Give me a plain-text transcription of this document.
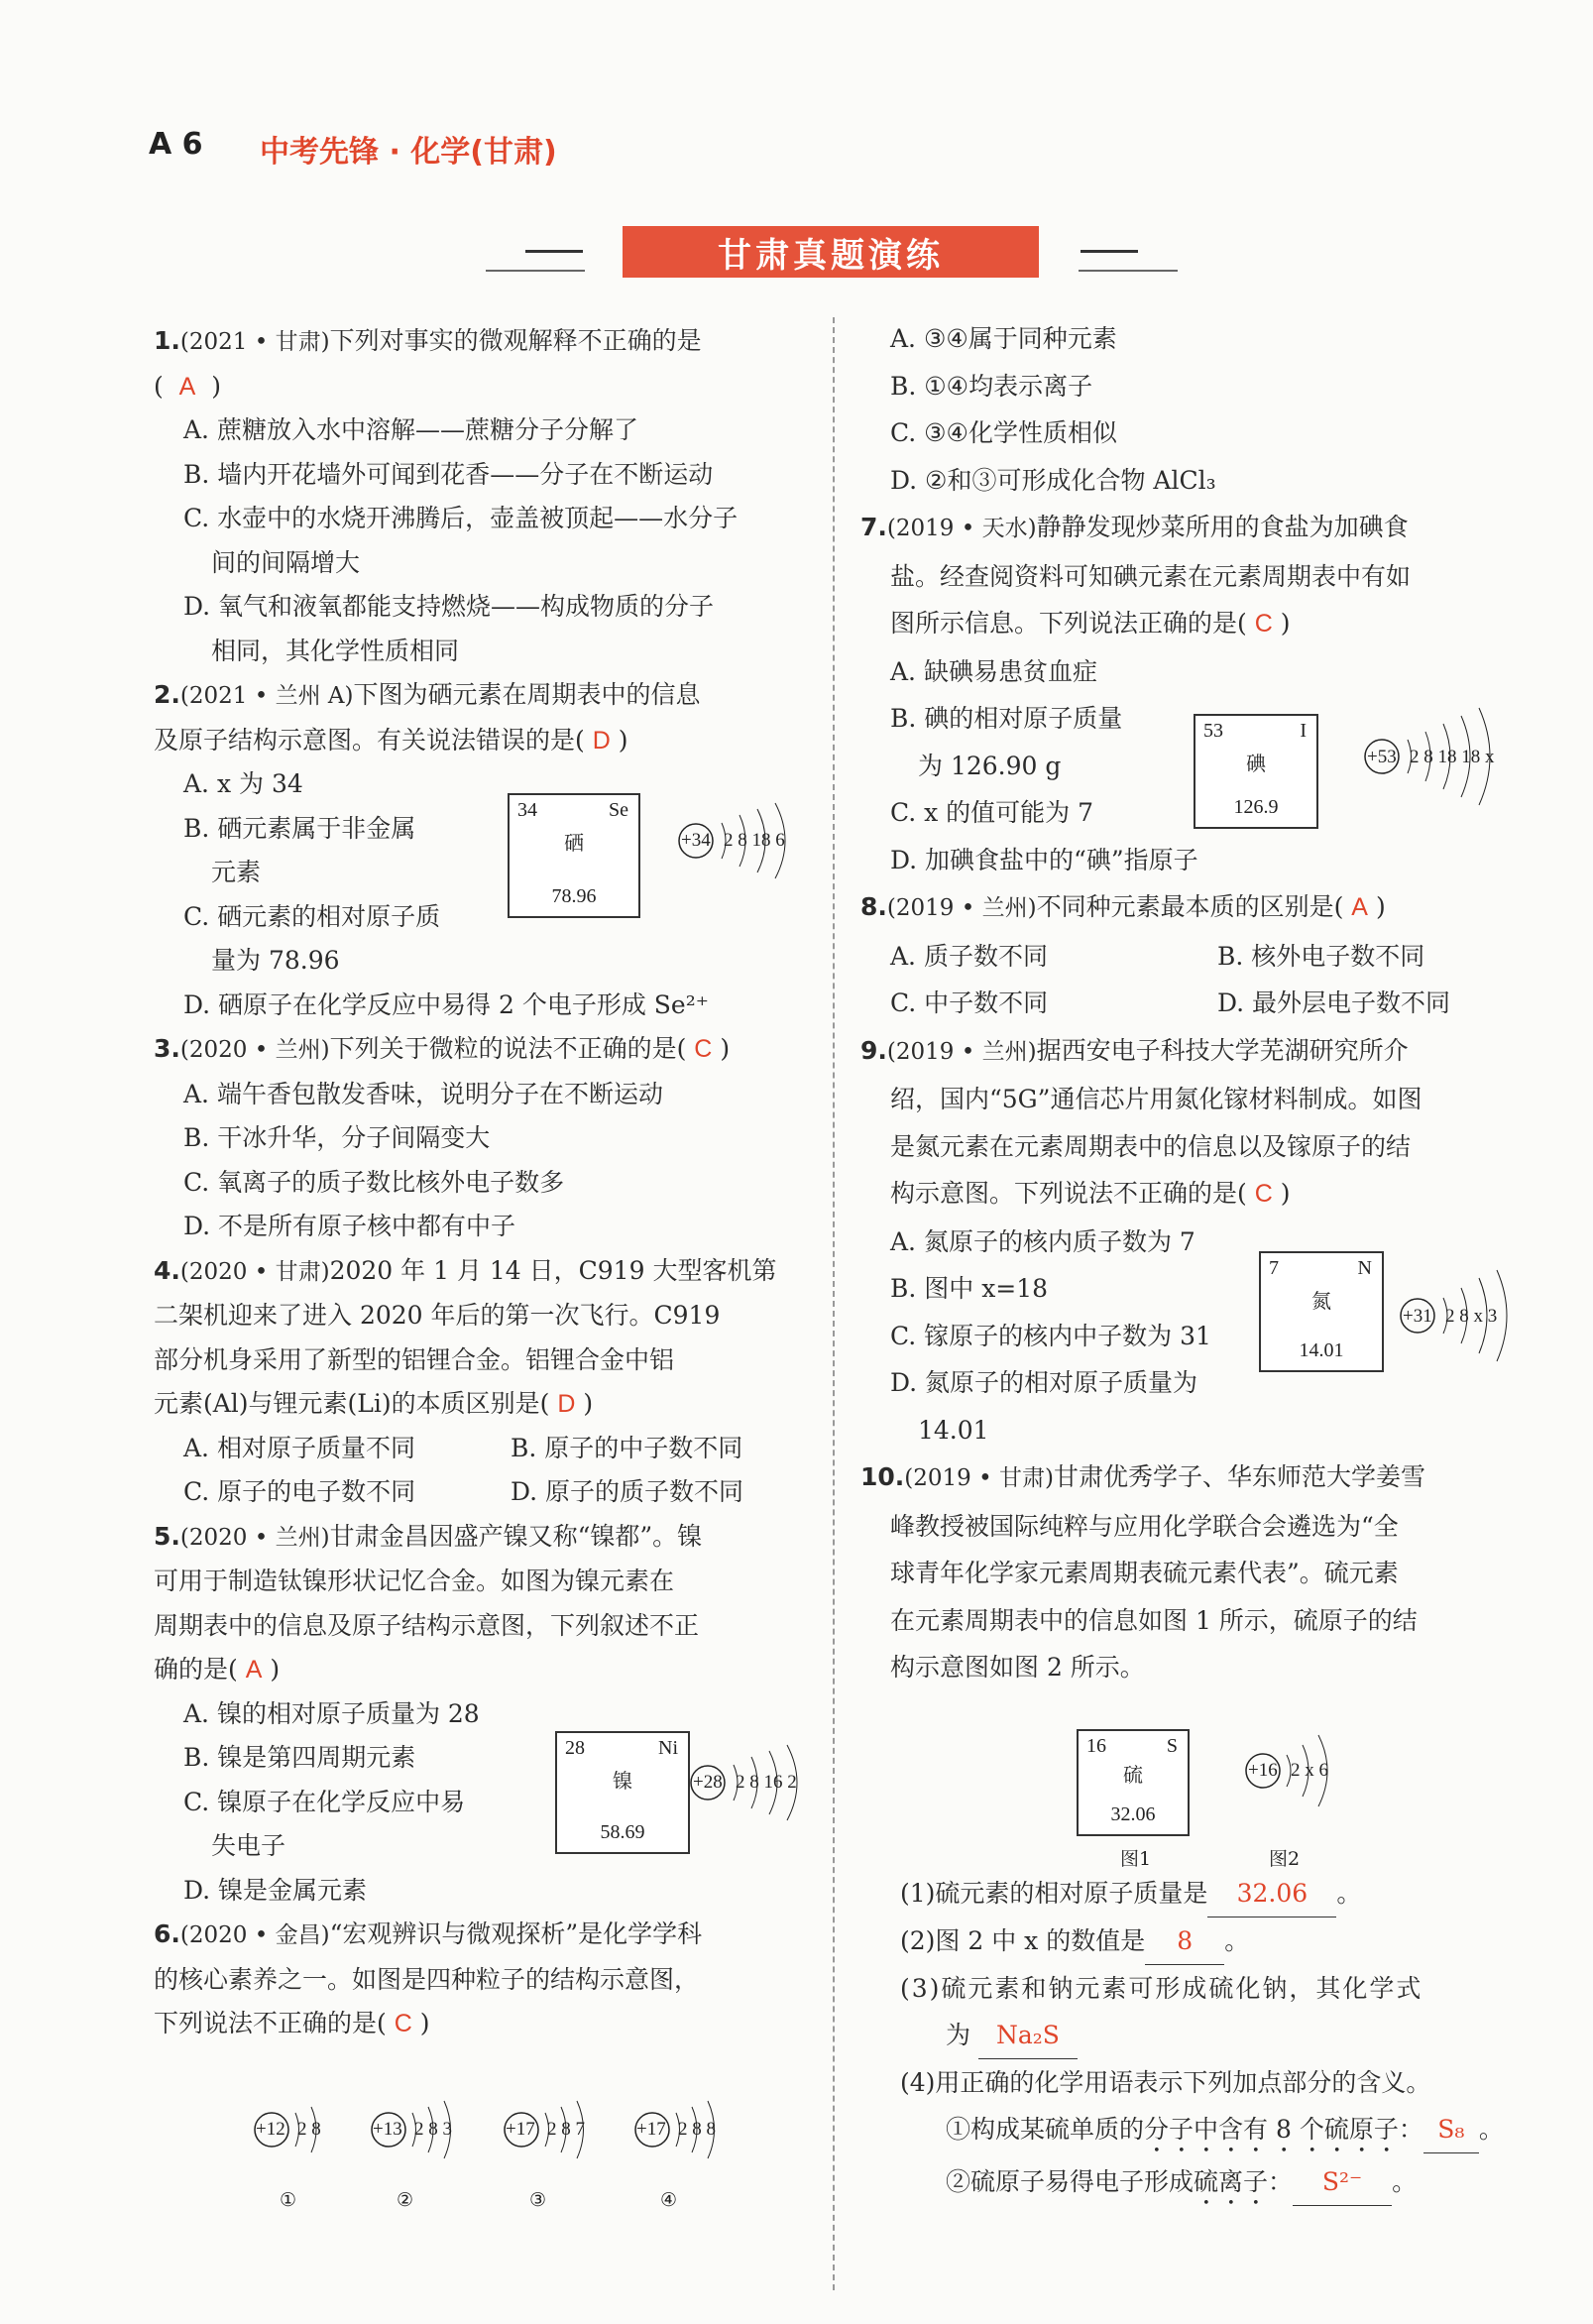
A 6 中考先锋 · 化学(甘肃)
甘肃真题演练

1.(2021 • 甘肃)下列对事实的微观解释不正确的是

( A )

A. 蔗糖放入水中溶解——蔗糖分子分解了

B. 墙内开花墙外可闻到花香——分子在不断运动

C. 水壶中的水烧开沸腾后，壶盖被顶起——水分子

间的间隔增大

D. 氧气和液氧都能支持燃烧——构成物质的分子

相同，其化学性质相同

2.(2021 • 兰州 A)下图为硒元素在周期表中的信息

及原子结构示意图。有关说法错误的是( D )

A. x 为 34

B. 硒元素属于非金属

元素

C. 硒元素的相对原子质

量为 78.96

D. 硒原子在化学反应中易得 2 个电子形成 Se²⁺

3.(2020 • 兰州)下列关于微粒的说法不正确的是( C )

A. 端午香包散发香味，说明分子在不断运动

B. 干冰升华，分子间隔变大

C. 氧离子的质子数比核外电子数多

D. 不是所有原子核中都有中子

4.(2020 • 甘肃)2020 年 1 月 14 日，C919 大型客机第

二架机迎来了进入 2020 年后的第一次飞行。C919

部分机身采用了新型的铝锂合金。铝锂合金中铝

元素(Al)与锂元素(Li)的本质区别是( D )

A. 相对原子质量不同	B. 原子的中子数不同

C. 原子的电子数不同	D. 原子的质子数不同

5.(2020 • 兰州)甘肃金昌因盛产镍又称“镍都”。镍

可用于制造钛镍形状记忆合金。如图为镍元素在

周期表中的信息及原子结构示意图，下列叙述不正

确的是( A )

A. 镍的相对原子质量为 28

B. 镍是第四周期元素

C. 镍原子在化学反应中易

失电子

D. 镍是金属元素

6.(2020 • 金昌)“宏观辨识与微观探析”是化学学科

的核心素养之一。如图是四种粒子的结构示意图，

下列说法不正确的是( C )

34	Se
硒
78.96
+34 2 8 18 6
28	Ni
镍
58.69
+28 2 8 16 2
+12 2 8
①
+13 2 8 3
②
+17 2 8 7
③
+17 2 8 8
④

A. ③④属于同种元素

B. ①④均表示离子

C. ③④化学性质相似

D. ②和③可形成化合物 AlCl₃

7.(2019 • 天水)静静发现炒菜所用的食盐为加碘食

盐。经查阅资料可知碘元素在元素周期表中有如

图所示信息。下列说法正确的是( C )

A. 缺碘易患贫血症

B. 碘的相对原子质量

为 126.90 g

C. x 的值可能为 7

D. 加碘食盐中的“碘”指原子

8.(2019 • 兰州)不同种元素最本质的区别是( A )

A. 质子数不同	B. 核外电子数不同

C. 中子数不同	D. 最外层电子数不同

9.(2019 • 兰州)据西安电子科技大学芜湖研究所介

绍，国内“5G”通信芯片用氮化镓材料制成。如图

是氮元素在元素周期表中的信息以及镓原子的结

构示意图。下列说法不正确的是( C )

A. 氮原子的核内质子数为 7

B. 图中 x=18

C. 镓原子的核内中子数为 31

D. 氮原子的相对原子质量为

14.01

10.(2019 • 甘肃)甘肃优秀学子、华东师范大学姜雪

峰教授被国际纯粹与应用化学联合会遴选为“全

球青年化学家元素周期表硫元素代表”。硫元素

在元素周期表中的信息如图 1 所示，硫原子的结

构示意图如图 2 所示。

53	I
碘
126.9
+53 2 8 18 18 x
7	N
氮
14.01
+31 2 8 x 3
16	S
硫
32.06
图1
+16 2 x 6
图2

(1)硫元素的相对原子质量是 32.06 。

(2)图 2 中 x 的数值是 8 。

(3)硫元素和钠元素可形成硫化钠，其化学式

为 Na₂S

(4)用正确的化学用语表示下列加点部分的含义。

①构成某硫单质的分子中含有 8 个硫原子： S₈ 。

②硫原子易得电子形成硫离子： S²⁻ 。
